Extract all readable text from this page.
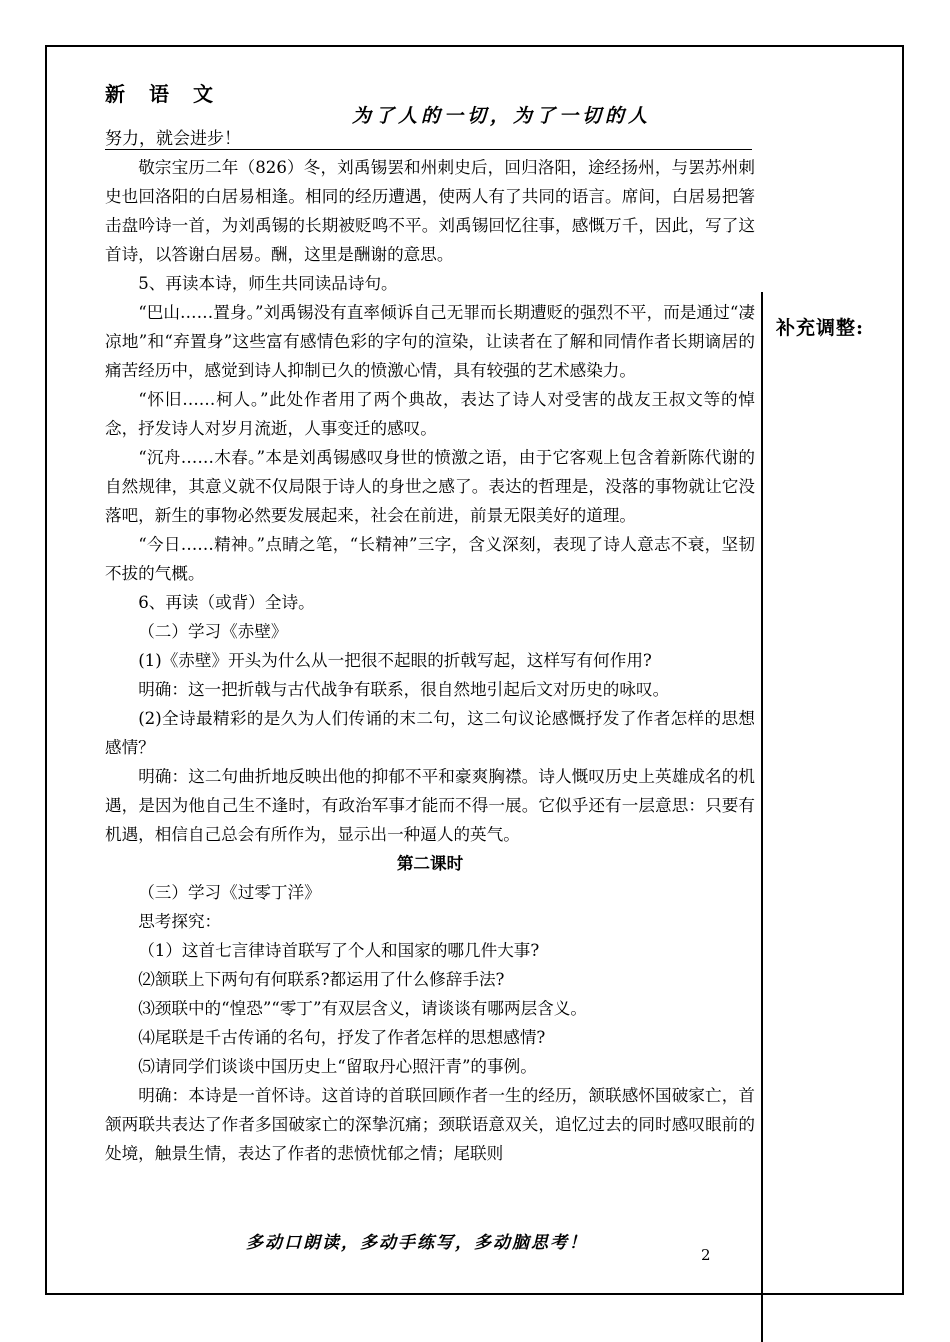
新语文
为了人的一切，为了一切的人
努力，就会进步！
补充调整:

敬宗宝历二年（826）冬，刘禹锡罢和州刺史后，回归洛阳，途经扬州，与罢苏州刺史也回洛阳的白居易相逢。相同的经历遭遇，使两人有了共同的语言。席间，白居易把箸击盘吟诗一首，为刘禹锡的长期被贬鸣不平。刘禹锡回忆往事，感慨万千，因此，写了这首诗，以答谢白居易。酬，这里是酬谢的意思。

5、再读本诗，师生共同读品诗句。

“巴山……置身。”刘禹锡没有直率倾诉自己无罪而长期遭贬的强烈不平，而是通过“凄凉地”和“弃置身”这些富有感情色彩的字句的渲染，让读者在了解和同情作者长期谪居的痛苦经历中，感觉到诗人抑制已久的愤激心情，具有较强的艺术感染力。

“怀旧……柯人。”此处作者用了两个典故，表达了诗人对受害的战友王叔文等的悼念，抒发诗人对岁月流逝，人事变迁的感叹。

“沉舟……木春。”本是刘禹锡感叹身世的愤激之语，由于它客观上包含着新陈代谢的自然规律，其意义就不仅局限于诗人的身世之感了。表达的哲理是，没落的事物就让它没落吧，新生的事物必然要发展起来，社会在前进，前景无限美好的道理。

“今日……精神。”点睛之笔，“长精神”三字，含义深刻，表现了诗人意志不衰，坚韧不拔的气概。

6、再读（或背）全诗。

（二）学习《赤壁》

(1)《赤壁》开头为什么从一把很不起眼的折戟写起，这样写有何作用?

明确：这一把折戟与古代战争有联系，很自然地引起后文对历史的咏叹。

(2)全诗最精彩的是久为人们传诵的末二句，这二句议论感慨抒发了作者怎样的思想感情？

明确：这二句曲折地反映出他的抑郁不平和豪爽胸襟。诗人慨叹历史上英雄成名的机遇，是因为他自己生不逢时，有政治军事才能而不得一展。它似乎还有一层意思：只要有机遇，相信自己总会有所作为，显示出一种逼人的英气。

第二课时

（三）学习《过零丁洋》

思考探究：

（1）这首七言律诗首联写了个人和国家的哪几件大事?

⑵颔联上下两句有何联系?都运用了什么修辞手法?

⑶颈联中的“惶恐”“零丁”有双层含义，请谈谈有哪两层含义。

⑷尾联是千古传诵的名句，抒发了作者怎样的思想感情?

⑸请同学们谈谈中国历史上“留取丹心照汗青”的事例。

明确：本诗是一首怀诗。这首诗的首联回顾作者一生的经历，颔联感怀国破家亡，首颔两联共表达了作者多国破家亡的深挚沉痛；颈联语意双关，追忆过去的同时感叹眼前的处境，触景生情，表达了作者的悲愤忧郁之情；尾联则

多动口朗读，多动手练写，多动脑思考！
2
